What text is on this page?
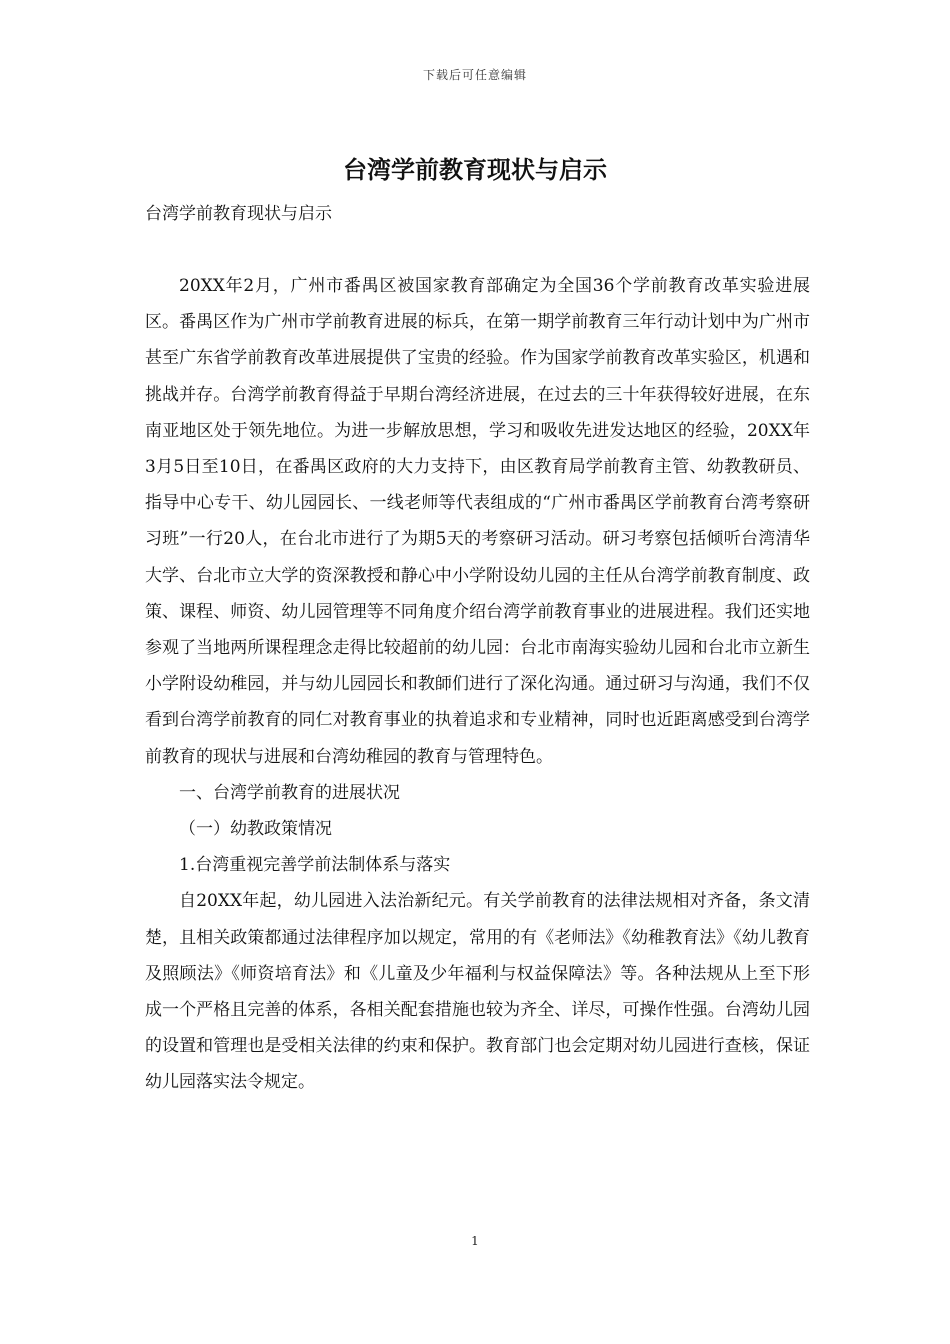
下载后可任意编辑
台湾学前教育现状与启示

台湾学前教育现状与启示

20XX年2月，广州市番禺区被国家教育部确定为全国36个学前教育改革实验进展区。番禺区作为广州市学前教育进展的标兵，在第一期学前教育三年行动计划中为广州市甚至广东省学前教育改革进展提供了宝贵的经验。作为国家学前教育改革实验区，机遇和挑战并存。台湾学前教育得益于早期台湾经济进展，在过去的三十年获得较好进展，在东南亚地区处于领先地位。为进一步解放思想，学习和吸收先进发达地区的经验，20XX年3月5日至10日，在番禺区政府的大力支持下，由区教育局学前教育主管、幼教教研员、指导中心专干、幼儿园园长、一线老师等代表组成的“广州市番禺区学前教育台湾考察研习班”一行20人，在台北市进行了为期5天的考察研习活动。研习考察包括倾听台湾清华大学、台北市立大学的资深教授和静心中小学附设幼儿园的主任从台湾学前教育制度、政策、课程、师资、幼儿园管理等不同角度介绍台湾学前教育事业的进展进程。我们还实地参观了当地两所课程理念走得比较超前的幼儿园：台北市南海实验幼儿园和台北市立新生小学附设幼稚园，并与幼儿园园长和教師们进行了深化沟通。通过研习与沟通，我们不仅看到台湾学前教育的同仁对教育事业的执着追求和专业精神，同时也近距离感受到台湾学前教育的现状与进展和台湾幼稚园的教育与管理特色。

一、台湾学前教育的进展状况

（一）幼教政策情况

1.台湾重视完善学前法制体系与落实

自20XX年起，幼儿园进入法治新纪元。有关学前教育的法律法规相对齐备，条文清楚，且相关政策都通过法律程序加以规定，常用的有《老师法》《幼稚教育法》《幼儿教育及照顾法》《师资培育法》和《儿童及少年福利与权益保障法》等。各种法规从上至下形成一个严格且完善的体系，各相关配套措施也较为齐全、详尽，可操作性强。台湾幼儿园的设置和管理也是受相关法律的约束和保护。教育部门也会定期对幼儿园进行查核，保证幼儿园落实法令规定。

1
